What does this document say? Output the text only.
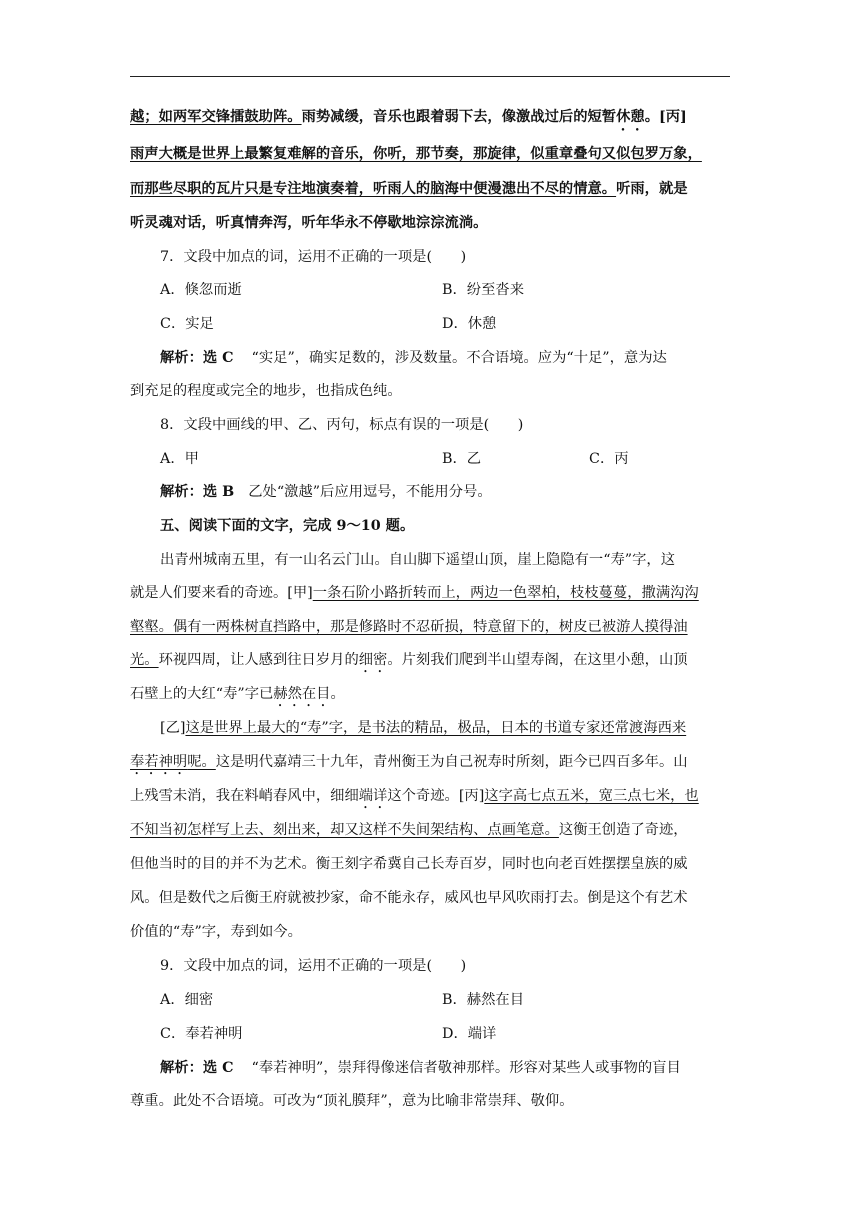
越；如两军交锋擂鼓助阵。雨势减缓，音乐也跟着弱下去，像激战过后的短暂休憩。[丙]
雨声大概是世界上最繁复难解的音乐，你听，那节奏，那旋律，似重章叠句又似包罗万象，
而那些尽职的瓦片只是专注地演奏着，听雨人的脑海中便漫漶出不尽的情意。听雨，就是
听灵魂对话，听真情奔泻，听年华永不停歇地淙淙流淌。
7．文段中加点的词，运用不正确的一项是(　　)
A．倏忽而逝	B．纷至沓来
C．实足	D．休憩
解析：选 C “实足”，确实足数的，涉及数量。不合语境。应为“十足”，意为达
到充足的程度或完全的地步，也指成色纯。
8．文段中画线的甲、乙、丙句，标点有误的一项是(　　)
A．甲	B．乙	C．丙
解析：选 B 乙处“激越”后应用逗号，不能用分号。
五、阅读下面的文字，完成 9～10 题。
出青州城南五里，有一山名云门山。自山脚下遥望山顶，崖上隐隐有一“寿”字，这
就是人们要来看的奇迹。[甲]一条石阶小路折转而上，两边一色翠柏，枝枝蔓蔓，撒满沟沟
壑壑。偶有一两株树直挡路中，那是修路时不忍斫损，特意留下的，树皮已被游人摸得油
光。环视四周，让人感到往日岁月的细密。片刻我们爬到半山望寿阁，在这里小憩，山顶
石壁上的大红“寿”字已赫然在目。
[乙]这是世界上最大的“寿”字，是书法的精品，极品，日本的书道专家还常渡海西来
奉若神明呢。这是明代嘉靖三十九年，青州衡王为自己祝寿时所刻，距今已四百多年。山
上残雪未消，我在料峭春风中，细细端详这个奇迹。[丙]这字高七点五米，宽三点七米，也
不知当初怎样写上去、刻出来，却又这样不失间架结构、点画笔意。这衡王创造了奇迹，
但他当时的目的并不为艺术。衡王刻字希冀自己长寿百岁，同时也向老百姓摆摆皇族的威
风。但是数代之后衡王府就被抄家，命不能永存，威风也早风吹雨打去。倒是这个有艺术
价值的“寿”字，寿到如今。
9．文段中加点的词，运用不正确的一项是(　　)
A．细密	B．赫然在目
C．奉若神明	D．端详
解析：选 C “奉若神明”，崇拜得像迷信者敬神那样。形容对某些人或事物的盲目
尊重。此处不合语境。可改为“顶礼膜拜”，意为比喻非常崇拜、敬仰。
